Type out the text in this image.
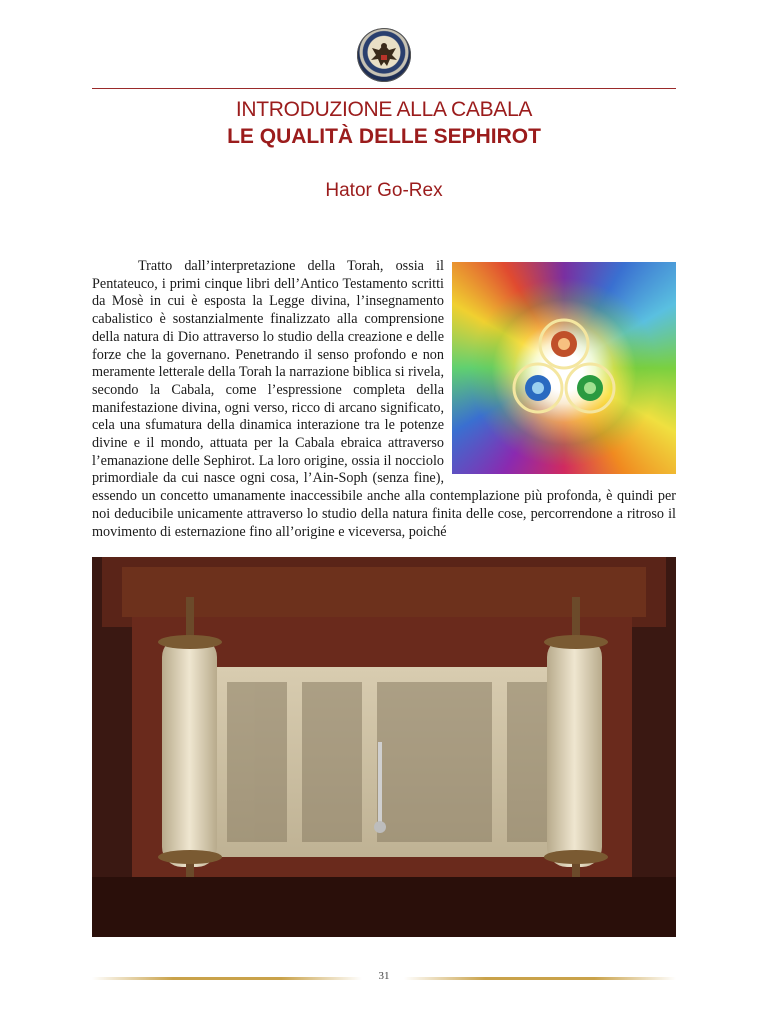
INTRODUZIONE ALLA CABALA
LE QUALITÀ DELLE SEPHIROT
Hator Go-Rex

Tratto dall’interpretazione della Torah, ossia il Pentateuco, i primi cinque libri dell’Antico Testamento scritti da Mosè in cui è esposta la Legge divina, l’insegnamento cabalistico è sostanzialmente finalizzato alla comprensione della natura di Dio attraverso lo studio della creazione e delle forze che la governano. Penetrando il senso profondo e non meramente letterale della Torah la narrazione biblica si rivela, secondo la Cabala, come l’espressione completa della manifestazione divina, ogni verso, ricco di arcano significato, cela una sfumatura della dinamica interazione tra le potenze divine e il mondo, attuata per la Cabala ebraica attraverso l’emanazione delle Sephirot. La loro origine, ossia il nocciolo primordiale da cui nasce ogni cosa, l’Ain-Soph (senza fine), essendo un concetto umanamente inaccessibile anche alla contemplazione più profonda, è quindi per noi deducibile unicamente attraverso lo studio della natura finita delle cose, percorrendone a ritroso il movimento di esternazione fino all’origine e viceversa, poiché

31
